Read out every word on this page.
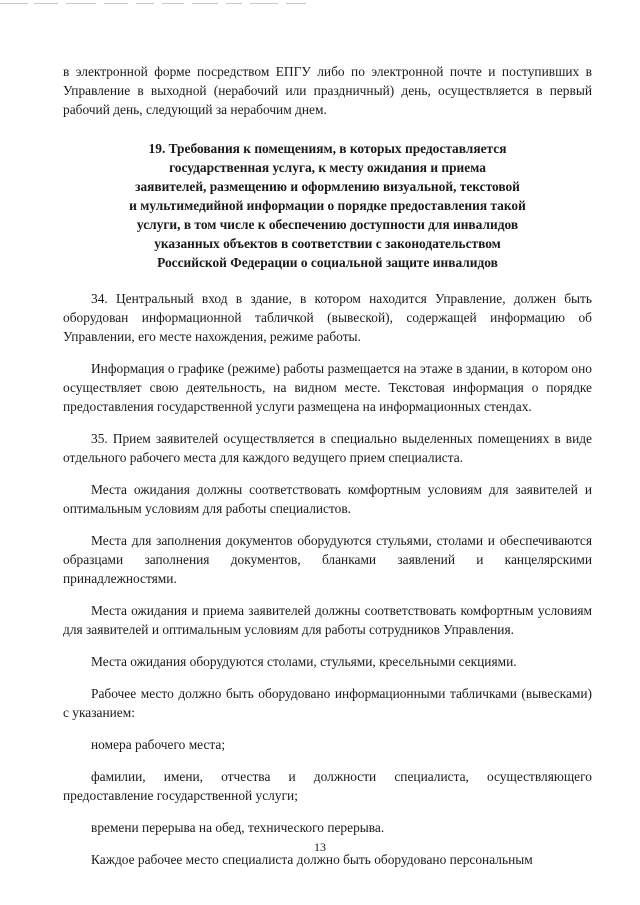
в электронной форме посредством ЕПГУ либо по электронной почте и поступивших в Управление в выходной (нерабочий или праздничный) день, осуществляется в первый рабочий день, следующий за нерабочим днем.

19. Требования к помещениям, в которых предоставляется
государственная услуга, к месту ожидания и приема
заявителей, размещению и оформлению визуальной, текстовой
и мультимедийной информации о порядке предоставления такой
услуги, в том числе к обеспечению доступности для инвалидов
указанных объектов в соответствии с законодательством
Российской Федерации о социальной защите инвалидов

34. Центральный вход в здание, в котором находится Управление, должен быть оборудован информационной табличкой (вывеской), содержащей информацию об Управлении, его месте нахождения, режиме работы.

Информация о графике (режиме) работы размещается на этаже в здании, в котором оно осуществляет свою деятельность, на видном месте. Текстовая информация о порядке предоставления государственной услуги размещена на информационных стендах.

35. Прием заявителей осуществляется в специально выделенных помещениях в виде отдельного рабочего места для каждого ведущего прием специалиста.

Места ожидания должны соответствовать комфортным условиям для заявителей и оптимальным условиям для работы специалистов.

Места для заполнения документов оборудуются стульями, столами и обеспечиваются образцами заполнения документов, бланками заявлений и канцелярскими принадлежностями.

Места ожидания и приема заявителей должны соответствовать комфортным условиям для заявителей и оптимальным условиям для работы сотрудников Управления.

Места ожидания оборудуются столами, стульями, кресельными секциями.

Рабочее место должно быть оборудовано информационными табличками (вывесками) с указанием:

номера рабочего места;

фамилии, имени, отчества и должности специалиста, осуществляющего предоставление государственной услуги;

времени перерыва на обед, технического перерыва.

Каждое рабочее место специалиста должно быть оборудовано персональным

13
